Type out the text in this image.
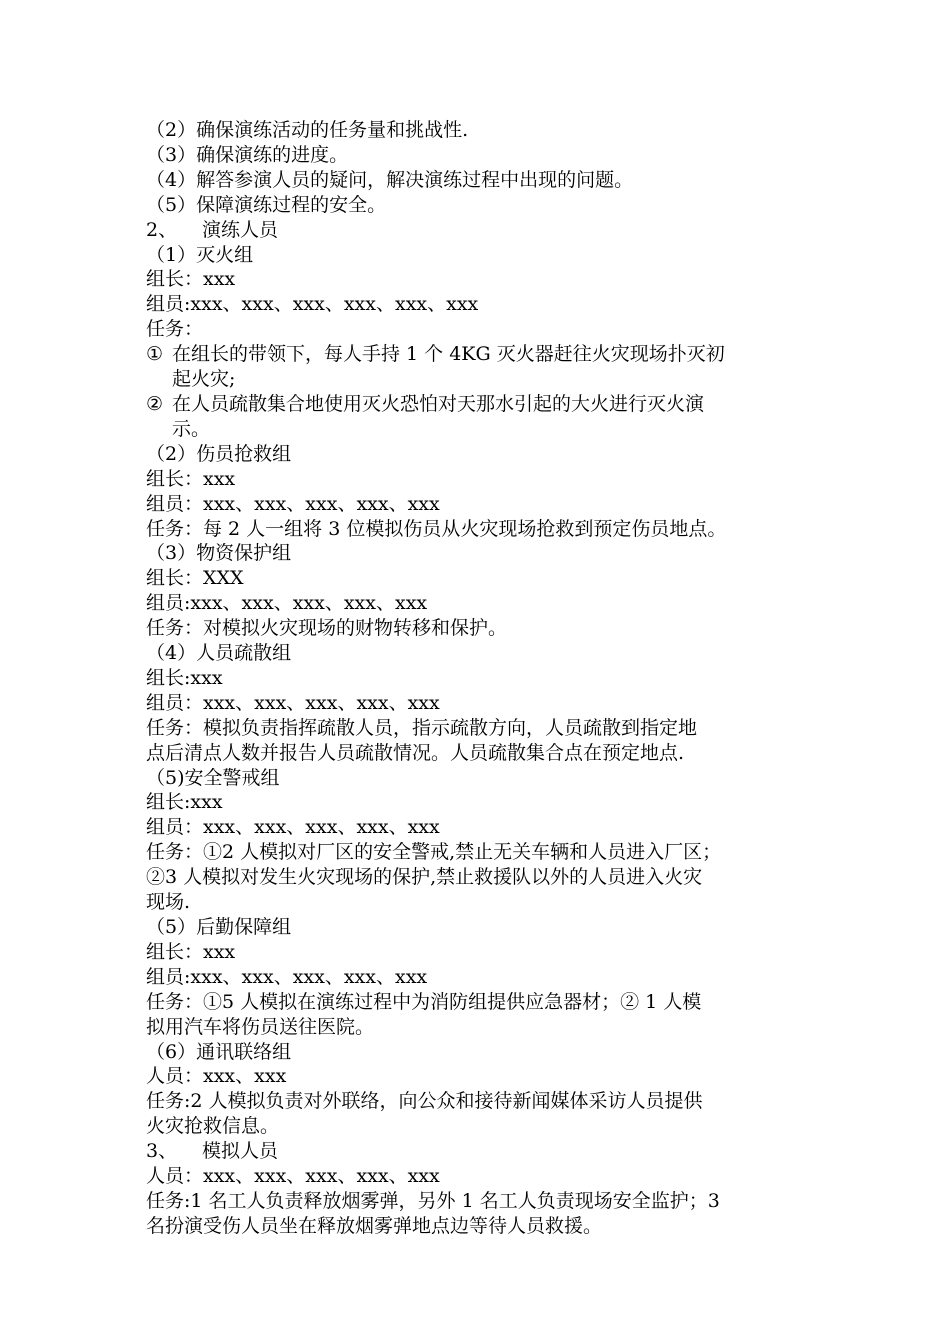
（2）确保演练活动的任务量和挑战性.
（3）确保演练的进度。
（4）解答参演人员的疑问，解决演练过程中出现的问题。
（5）保障演练过程的安全。
2、	演练人员
（1）灭火组
组长：xxx
组员:xxx、xxx、xxx、xxx、xxx、xxx
任务：
① 在组长的带领下，每人手持 1 个 4KG 灭火器赶往火灾现场扑灭初
起火灾;
② 在人员疏散集合地使用灭火恐怕对天那水引起的大火进行灭火演
示。
（2）伤员抢救组
组长：xxx
组员：xxx、xxx、xxx、xxx、xxx
任务：每 2 人一组将 3 位模拟伤员从火灾现场抢救到预定伤员地点。
（3）物资保护组
组长：XXX
组员:xxx、xxx、xxx、xxx、xxx
任务：对模拟火灾现场的财物转移和保护。
（4）人员疏散组
组长:xxx
组员：xxx、xxx、xxx、xxx、xxx
任务：模拟负责指挥疏散人员，指示疏散方向，人员疏散到指定地
点后清点人数并报告人员疏散情况。人员疏散集合点在预定地点.
（5)安全警戒组
组长:xxx
组员：xxx、xxx、xxx、xxx、xxx
任务：①2 人模拟对厂区的安全警戒,禁止无关车辆和人员进入厂区；
②3 人模拟对发生火灾现场的保护,禁止救援队以外的人员进入火灾
现场.
（5）后勤保障组
组长：xxx
组员:xxx、xxx、xxx、xxx、xxx
任务：①5 人模拟在演练过程中为消防组提供应急器材；② 1 人模
拟用汽车将伤员送往医院。
（6）通讯联络组
人员：xxx、xxx
任务:2 人模拟负责对外联络，向公众和接待新闻媒体采访人员提供
火灾抢救信息。
3、	模拟人员
人员：xxx、xxx、xxx、xxx、xxx
任务:1 名工人负责释放烟雾弹，另外 1 名工人负责现场安全监护；3
名扮演受伤人员坐在释放烟雾弹地点边等待人员救援。
